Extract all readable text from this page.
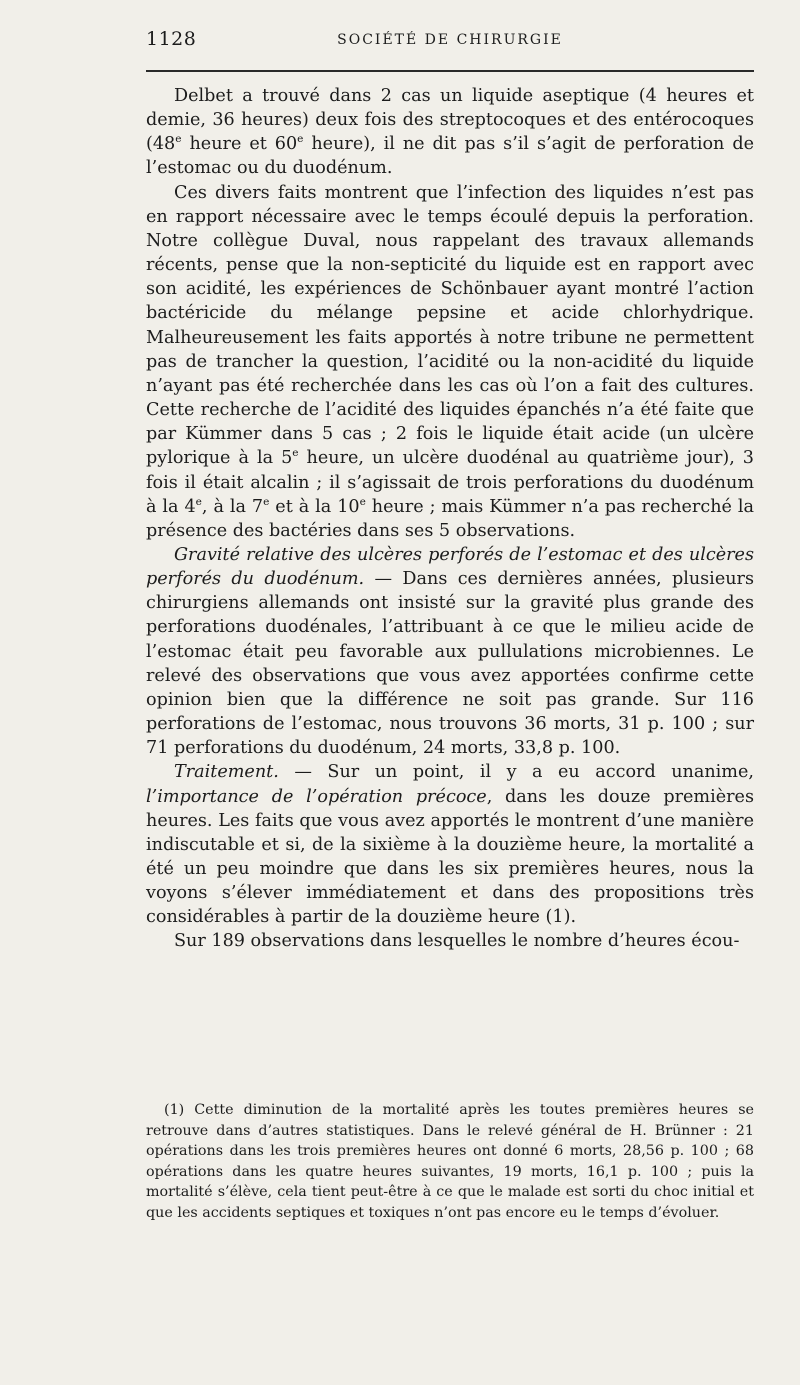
1128	SOCIÉTÉ DE CHIRURGIE

Delbet a trouvé dans 2 cas un liquide aseptique (4 heures et demie, 36 heures) deux fois des streptocoques et des entérocoques (48e heure et 60e heure), il ne dit pas s’il s’agit de perforation de l’estomac ou du duodénum.

Ces divers faits montrent que l’infection des liquides n’est pas en rapport nécessaire avec le temps écoulé depuis la perforation. Notre collègue Duval, nous rappelant des travaux allemands récents, pense que la non-septicité du liquide est en rapport avec son acidité, les expériences de Schönbauer ayant montré l’action bactéricide du mélange pepsine et acide chlorhydrique. Malheureusement les faits apportés à notre tribune ne permettent pas de trancher la question, l’acidité ou la non-acidité du liquide n’ayant pas été recherchée dans les cas où l’on a fait des cultures. Cette recherche de l’acidité des liquides épanchés n’a été faite que par Kümmer dans 5 cas ; 2 fois le liquide était acide (un ulcère pylorique à la 5e heure, un ulcère duodénal au quatrième jour), 3 fois il était alcalin ; il s’agissait de trois perforations du duodénum à la 4e, à la 7e et à la 10e heure ; mais Kümmer n’a pas recherché la présence des bactéries dans ses 5 observations.

Gravité relative des ulcères perforés de l’estomac et des ulcères perforés du duodénum. — Dans ces dernières années, plusieurs chirurgiens allemands ont insisté sur la gravité plus grande des perforations duodénales, l’attribuant à ce que le milieu acide de l’estomac était peu favorable aux pullulations microbiennes. Le relevé des observations que vous avez apportées confirme cette opinion bien que la différence ne soit pas grande. Sur 116 perforations de l’estomac, nous trouvons 36 morts, 31 p. 100 ; sur 71 perforations du duodénum, 24 morts, 33,8 p. 100.

Traitement. — Sur un point, il y a eu accord unanime, l’importance de l’opération précoce, dans les douze premières heures. Les faits que vous avez apportés le montrent d’une manière indiscutable et si, de la sixième à la douzième heure, la mortalité a été un peu moindre que dans les six premières heures, nous la voyons s’élever immédiatement et dans des propositions très considérables à partir de la douzième heure (1).

Sur 189 observations dans lesquelles le nombre d’heures écou-

(1) Cette diminution de la mortalité après les toutes premières heures se retrouve dans d’autres statistiques. Dans le relevé général de H. Brünner : 21 opérations dans les trois premières heures ont donné 6 morts, 28,56 p. 100 ; 68 opérations dans les quatre heures suivantes, 19 morts, 16,1 p. 100 ; puis la mortalité s’élève, cela tient peut-être à ce que le malade est sorti du choc initial et que les accidents septiques et toxiques n’ont pas encore eu le temps d’évoluer.
